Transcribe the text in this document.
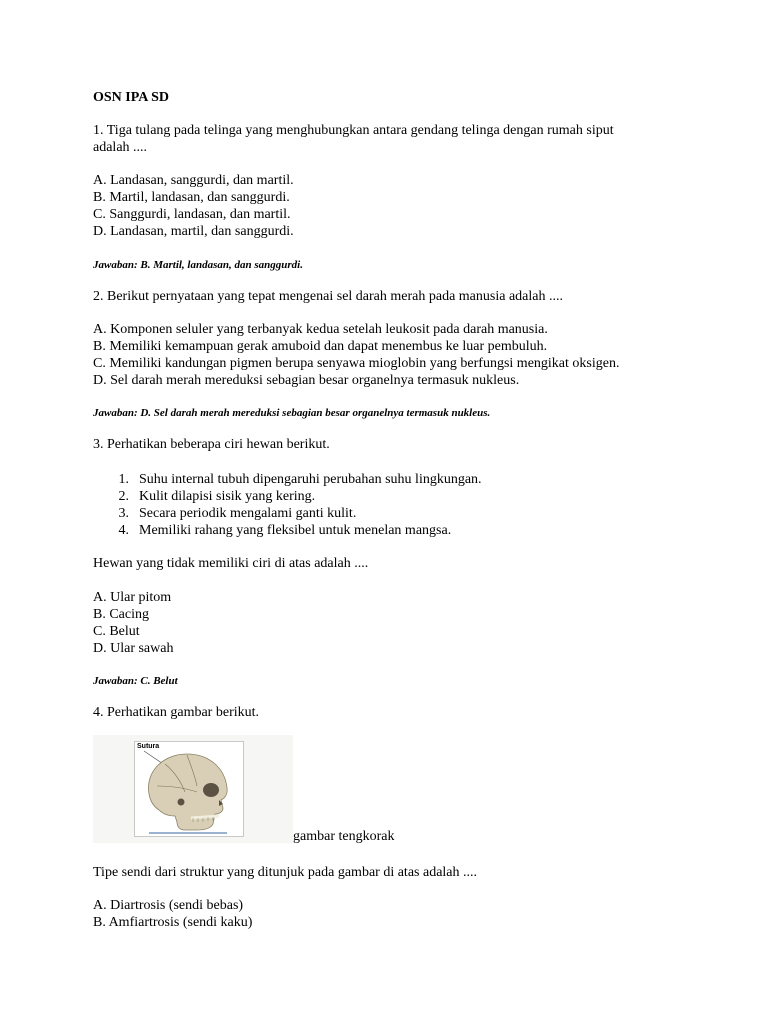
OSN IPA SD
1. Tiga tulang pada telinga yang menghubungkan antara gendang telinga dengan rumah siput
adalah ....
A. Landasan, sanggurdi, dan martil.
B. Martil, landasan, dan sanggurdi.
C. Sanggurdi, landasan, dan martil.
D. Landasan, martil, dan sanggurdi.
Jawaban: B. Martil, landasan, dan sanggurdi.
2. Berikut pernyataan yang tepat mengenai sel darah merah pada manusia adalah ....
A. Komponen seluler yang terbanyak kedua setelah leukosit pada darah manusia.
B. Memiliki kemampuan gerak amuboid dan dapat menembus ke luar pembuluh.
C. Memiliki kandungan pigmen berupa senyawa mioglobin yang berfungsi mengikat oksigen.
D. Sel darah merah mereduksi sebagian besar organelnya termasuk nukleus.
Jawaban: D. Sel darah merah mereduksi sebagian besar organelnya termasuk nukleus.
3. Perhatikan beberapa ciri hewan berikut.
1. Suhu internal tubuh dipengaruhi perubahan suhu lingkungan.
2. Kulit dilapisi sisik yang kering.
3. Secara periodik mengalami ganti kulit.
4. Memiliki rahang yang fleksibel untuk menelan mangsa.
Hewan yang tidak memiliki ciri di atas adalah ....
A. Ular pitom
B. Cacing
C. Belut
D. Ular sawah
Jawaban: C. Belut
4. Perhatikan gambar berikut.
Sutura
gambar tengkorak
Tipe sendi dari struktur yang ditunjuk pada gambar di atas adalah ....
A. Diartrosis (sendi bebas)
B. Amfiartrosis (sendi kaku)
